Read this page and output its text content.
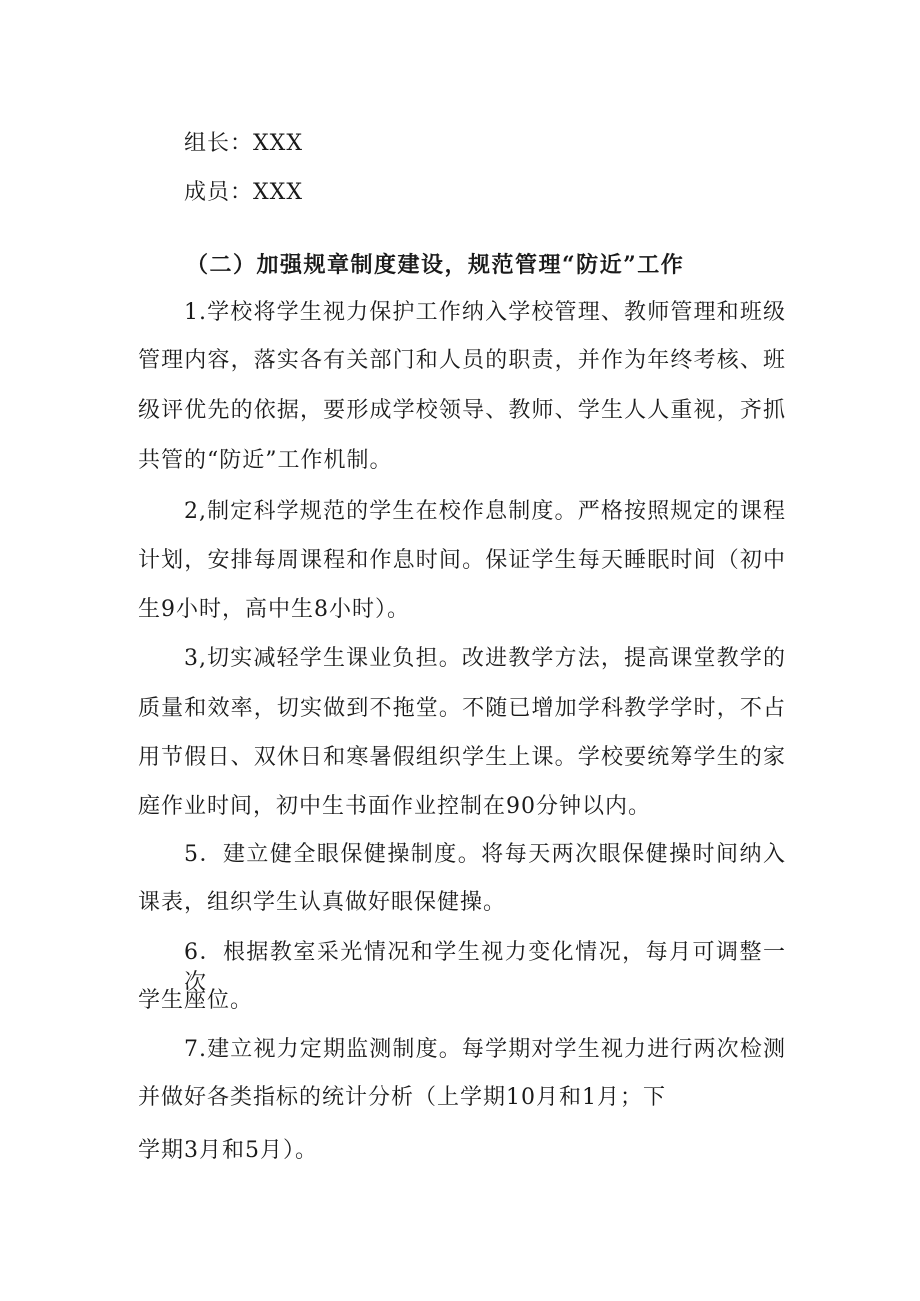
组长：XXX
成员：XXX
（二）加强规章制度建设，规范管理“防近”工作
1.学校将学生视力保护工作纳入学校管理、教师管理和班级
管理内容，落实各有关部门和人员的职责，并作为年终考核、班
级评优先的依据，要形成学校领导、教师、学生人人重视，齐抓
共管的“防近”工作机制。
2,制定科学规范的学生在校作息制度。严格按照规定的课程
计划，安排每周课程和作息时间。保证学生每天睡眠时间（初中
生9小时，高中生8小时）。
3,切实减轻学生课业负担。改进教学方法，提高课堂教学的
质量和效率，切实做到不拖堂。不随已增加学科教学学时，不占
用节假日、双休日和寒暑假组织学生上课。学校要统筹学生的家
庭作业时间，初中生书面作业控制在90分钟以内。
5．建立健全眼保健操制度。将每天两次眼保健操时间纳入
课表，组织学生认真做好眼保健操。
6．根据教室采光情况和学生视力变化情况，每月可调整一次
学生座位。
7.建立视力定期监测制度。每学期对学生视力进行两次检测
并做好各类指标的统计分析（上学期10月和1月；下
学期3月和5月）。
